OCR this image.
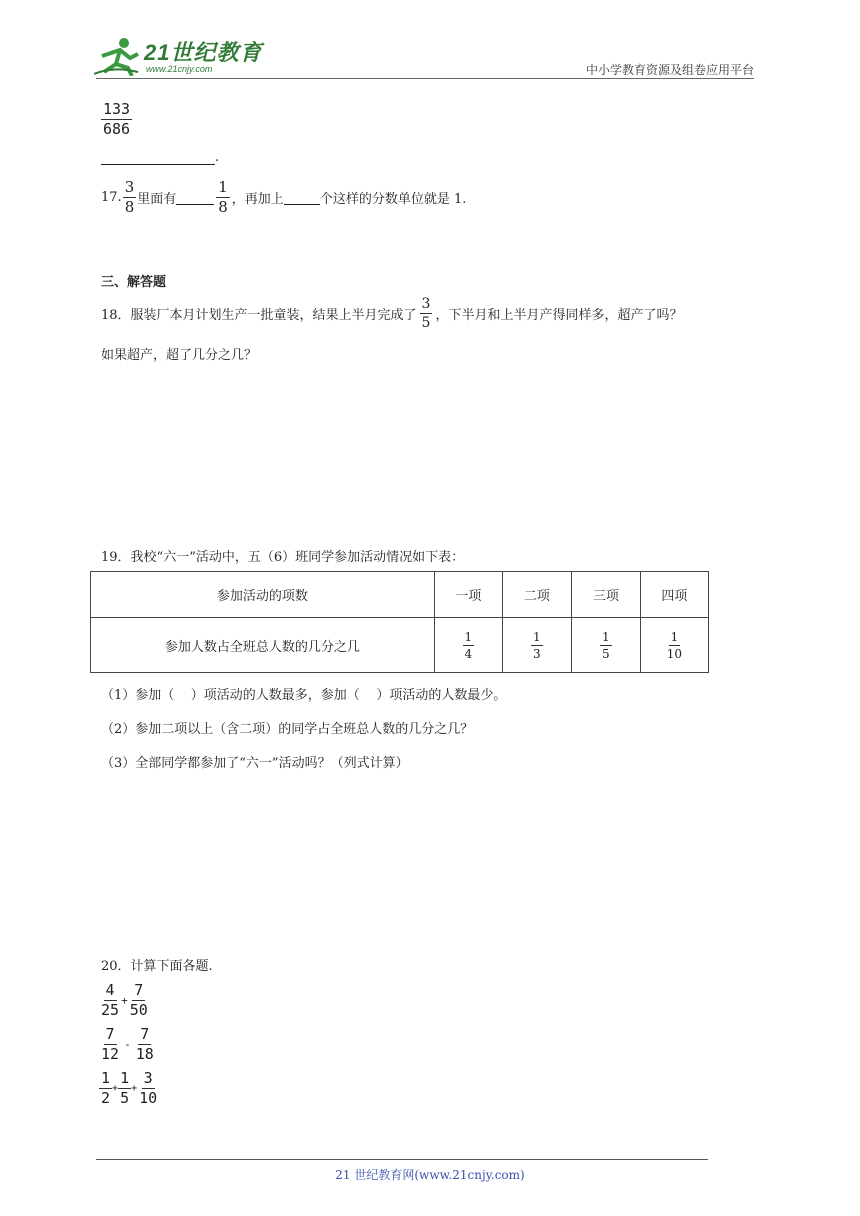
21世纪教育
www.21cnjy.com	中小学教育资源及组卷应用平台
$\frac{133}{686}$
.
17. $\frac{3}{8}$ 里面有	$\frac{1}{8}$ ，再加上	个这样的分数单位就是 1.
三、解答题
18．服装厂本月计划生产一批童装，结果上半月完成了 $\frac{3}{5}$ ，下半月和上半月产得同样多，超产了吗？
如果超产，超了几分之几？
19．我校“六一”活动中，五（6）班同学参加活动情况如下表：
参加活动的项数	一项	二项	三项	四项
参加人数占全班总人数的几分之几	$\frac{1}{4}$	$\frac{1}{3}$	$\frac{1}{5}$	$\frac{1}{10}$
（1）参加（    ）项活动的人数最多，参加（    ）项活动的人数最少。
（2）参加二项以上（含二项）的同学占全班总人数的几分之几？
（3）全部同学都参加了“六一”活动吗？（列式计算）
20．计算下面各题.
$\frac{4}{25} + \frac{7}{50}$
$\frac{7}{12} - \frac{7}{18}$
$\frac{1}{2} + \frac{1}{5} + \frac{3}{10}$
21 世纪教育网(www.21cnjy.com)
